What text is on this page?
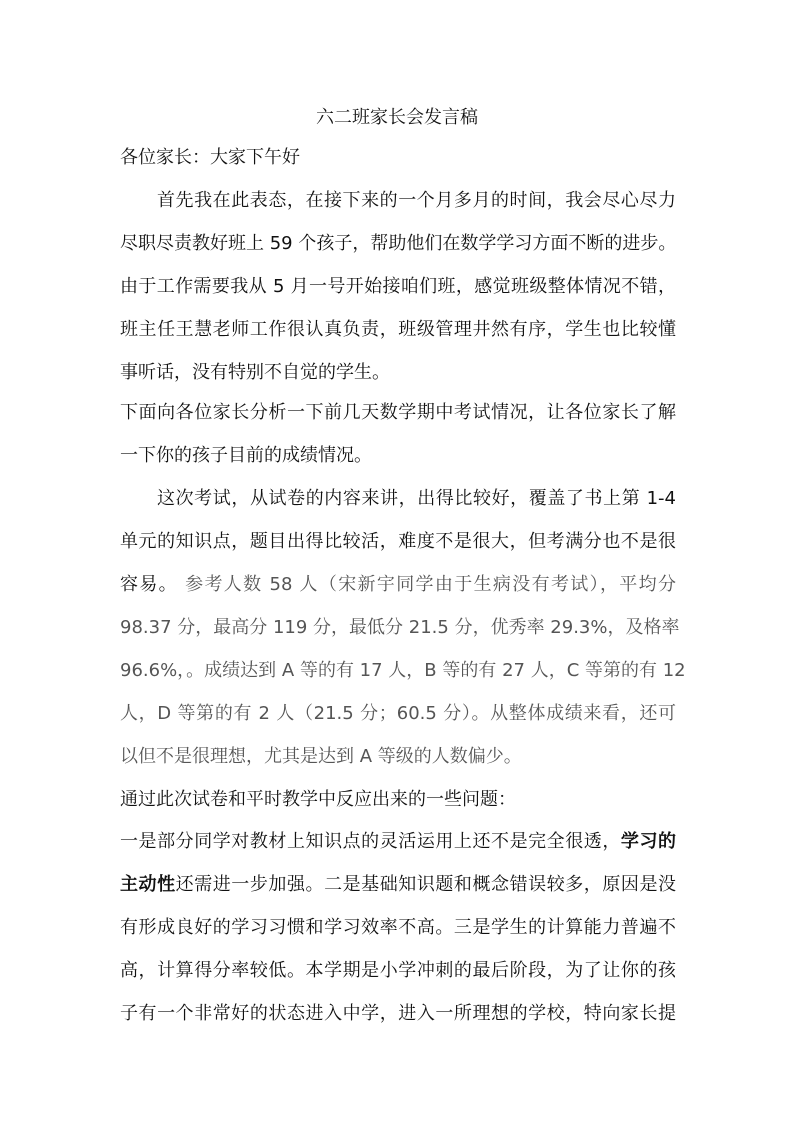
六二班家长会发言稿
各位家长：大家下午好
首先我在此表态，在接下来的一个月多月的时间，我会尽心尽力
尽职尽责教好班上 59 个孩子，帮助他们在数学学习方面不断的进步。
由于工作需要我从 5 月一号开始接咱们班，感觉班级整体情况不错，
班主任王慧老师工作很认真负责，班级管理井然有序，学生也比较懂
事听话，没有特别不自觉的学生。
下面向各位家长分析一下前几天数学期中考试情况，让各位家长了解
一下你的孩子目前的成绩情况。
这次考试，从试卷的内容来讲，出得比较好，覆盖了书上第 1-4
单元的知识点，题目出得比较活，难度不是很大，但考满分也不是很
容易。 参考人数 58 人（宋新宇同学由于生病没有考试），平均分
98.37 分，最高分 119 分，最低分 21.5 分，优秀率 29.3%，及格率
96.6%，。成绩达到 A 等的有 17 人，B 等的有 27 人，C 等第的有 12
人，D 等第的有 2 人（21.5 分；60.5 分）。从整体成绩来看，还可
以但不是很理想，尤其是达到 A 等级的人数偏少。
通过此次试卷和平时教学中反应出来的一些问题：
一是部分同学对教材上知识点的灵活运用上还不是完全很透，学习的
主动性还需进一步加强。二是基础知识题和概念错误较多，原因是没
有形成良好的学习习惯和学习效率不高。三是学生的计算能力普遍不
高，计算得分率较低。本学期是小学冲刺的最后阶段，为了让你的孩
子有一个非常好的状态进入中学，进入一所理想的学校，特向家长提
